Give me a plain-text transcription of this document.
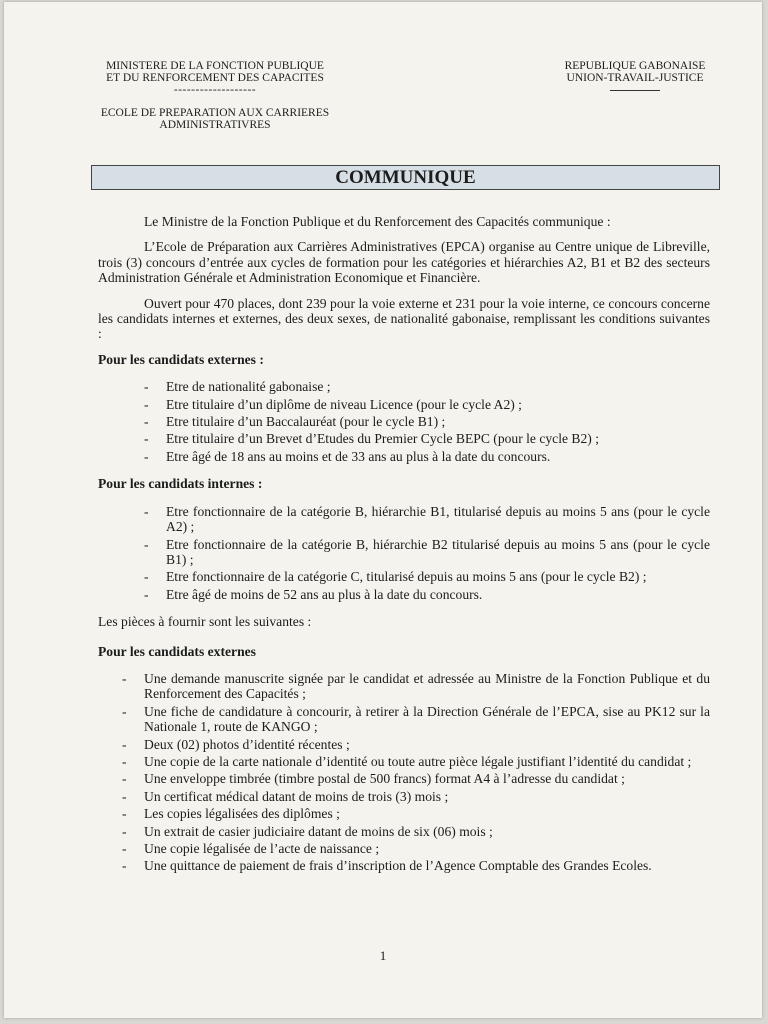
MINISTERE DE LA FONCTION PUBLIQUE
ET DU RENFORCEMENT DES CAPACITES
-------------------
REPUBLIQUE GABONAISE
UNION-TRAVAIL-JUSTICE
ECOLE DE PREPARATION AUX CARRIERES
ADMINISTRATIVRES
COMMUNIQUE

Le Ministre de la Fonction Publique et du Renforcement des Capacités communique :

L’Ecole de Préparation aux Carrières Administratives (EPCA) organise au Centre unique de Libreville, trois (3) concours d’entrée aux cycles de formation pour les catégories et hiérarchies A2, B1 et B2 des secteurs Administration Générale et Administration Economique et Financière.

Ouvert pour 470 places, dont 239 pour la voie externe et 231 pour la voie interne, ce concours concerne les candidats internes et externes, des deux sexes, de nationalité gabonaise, remplissant les conditions suivantes :

Pour les candidats externes :
- Etre de nationalité gabonaise ;
- Etre titulaire d’un diplôme de niveau Licence (pour le cycle A2) ;
- Etre titulaire d’un Baccalauréat (pour le cycle B1) ;
- Etre titulaire d’un Brevet d’Etudes du Premier Cycle BEPC (pour le cycle B2) ;
- Etre âgé de 18 ans au moins et de 33 ans au plus à la date du concours.
Pour les candidats internes :
- Etre fonctionnaire de la catégorie B, hiérarchie B1, titularisé depuis au moins 5 ans (pour le cycle A2) ;
- Etre fonctionnaire de la catégorie B, hiérarchie B2 titularisé depuis au moins 5 ans (pour le cycle B1) ;
- Etre fonctionnaire de la catégorie C, titularisé depuis au moins 5 ans (pour le cycle B2) ;
- Etre âgé de moins de 52 ans au plus à la date du concours.
Les pièces à fournir sont les suivantes :
Pour les candidats externes
- Une demande manuscrite signée par le candidat et adressée au Ministre de la Fonction Publique et du Renforcement des Capacités ;
- Une fiche de candidature à concourir, à retirer à la Direction Générale de l’EPCA, sise au PK12 sur la Nationale 1, route de KANGO ;
- Deux (02) photos d’identité récentes ;
- Une copie de la carte nationale d’identité ou toute autre pièce légale justifiant l’identité du candidat ;
- Une enveloppe timbrée (timbre postal de 500 francs) format A4 à l’adresse du candidat ;
- Un certificat médical datant de moins de trois (3) mois ;
- Les copies légalisées des diplômes ;
- Un extrait de casier judiciaire datant de moins de six (06) mois ;
- Une copie légalisée de l’acte de naissance ;
- Une quittance de paiement de frais d’inscription de l’Agence Comptable des Grandes Ecoles.
1
